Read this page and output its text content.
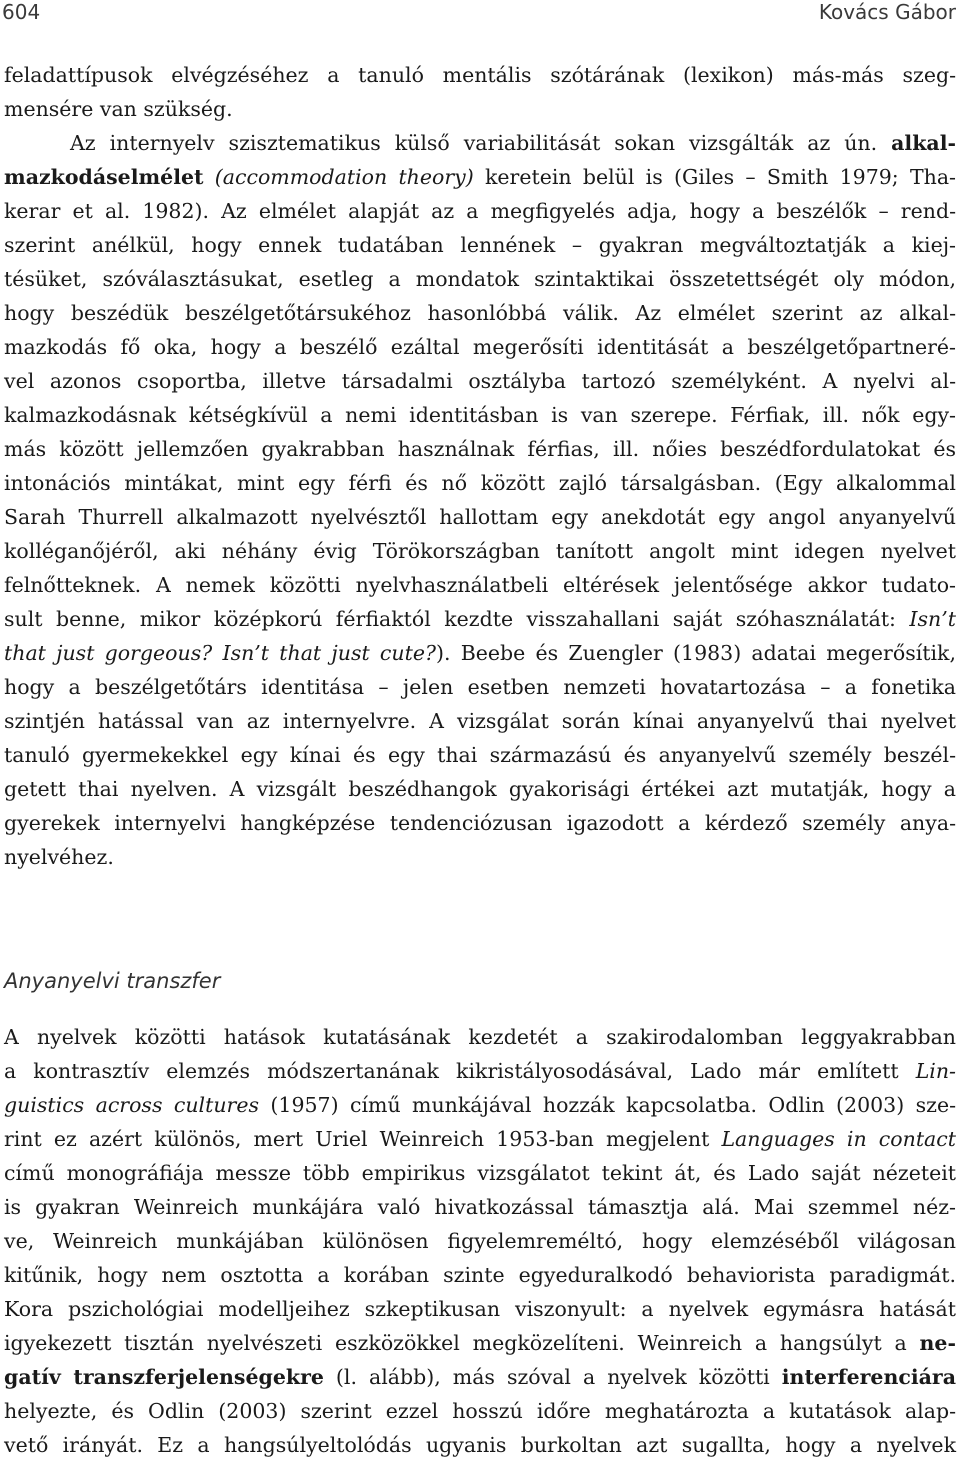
604	Kovács Gábor
feladattípusok elvégzéséhez a tanuló mentális szótárának (lexikon) más-más szeg-
mensére van szükség.
Az internyelv szisztematikus külső variabilitását sokan vizsgálták az ún. alkal-
mazkodáselmélet (accommodation theory) keretein belül is (Giles – Smith 1979; Tha-
kerar et al. 1982). Az elmélet alapját az a megfigyelés adja, hogy a beszélők – rend-
szerint anélkül, hogy ennek tudatában lennének – gyakran megváltoztatják a kiej-
tésüket, szóválasztásukat, esetleg a mondatok szintaktikai összetettségét oly módon,
hogy beszédük beszélgetőtársukéhoz hasonlóbbá válik. Az elmélet szerint az alkal-
mazkodás fő oka, hogy a beszélő ezáltal megerősíti identitását a beszélgetőpartneré-
vel azonos csoportba, illetve társadalmi osztályba tartozó személyként. A nyelvi al-
kalmazkodásnak kétségkívül a nemi identitásban is van szerepe. Férfiak, ill. nők egy-
más között jellemzően gyakrabban használnak férfias, ill. nőies beszédfordulatokat és
intonációs mintákat, mint egy férfi és nő között zajló társalgásban. (Egy alkalommal
Sarah Thurrell alkalmazott nyelvésztől hallottam egy anekdotát egy angol anyanyelvű
kolléganőjéről, aki néhány évig Törökországban tanított angolt mint idegen nyelvet
felnőtteknek. A nemek közötti nyelvhasználatbeli eltérések jelentősége akkor tudato-
sult benne, mikor középkorú férfiaktól kezdte visszahallani saját szóhasználatát: Isn’t
that just gorgeous? Isn’t that just cute?). Beebe és Zuengler (1983) adatai megerősítik,
hogy a beszélgetőtárs identitása – jelen esetben nemzeti hovatartozása – a fonetika
szintjén hatással van az internyelvre. A vizsgálat során kínai anyanyelvű thai nyelvet
tanuló gyermekekkel egy kínai és egy thai származású és anyanyelvű személy beszél-
getett thai nyelven. A vizsgált beszédhangok gyakorisági értékei azt mutatják, hogy a
gyerekek internyelvi hangképzése tendenciózusan igazodott a kérdező személy anya-
nyelvéhez.
Anyanyelvi transzfer
A nyelvek közötti hatások kutatásának kezdetét a szakirodalomban leggyakrabban
a kontrasztív elemzés módszertanának kikristályosodásával, Lado már említett Lin-
guistics across cultures (1957) című munkájával hozzák kapcsolatba. Odlin (2003) sze-
rint ez azért különös, mert Uriel Weinreich 1953-ban megjelent Languages in contact
című monográfiája messze több empirikus vizsgálatot tekint át, és Lado saját nézeteit
is gyakran Weinreich munkájára való hivatkozással támasztja alá. Mai szemmel néz-
ve, Weinreich munkájában különösen figyelemreméltó, hogy elemzéséből világosan
kitűnik, hogy nem osztotta a korában szinte egyeduralkodó behaviorista paradigmát.
Kora pszichológiai modelljeihez szkeptikusan viszonyult: a nyelvek egymásra hatását
igyekezett tisztán nyelvészeti eszközökkel megközelíteni. Weinreich a hangsúlyt a ne-
gatív transzferjelenségekre (l. alább), más szóval a nyelvek közötti interferenciára
helyezte, és Odlin (2003) szerint ezzel hosszú időre meghatározta a kutatások alap-
vető irányát. Ez a hangsúlyeltolódás ugyanis burkoltan azt sugallta, hogy a nyelvek
